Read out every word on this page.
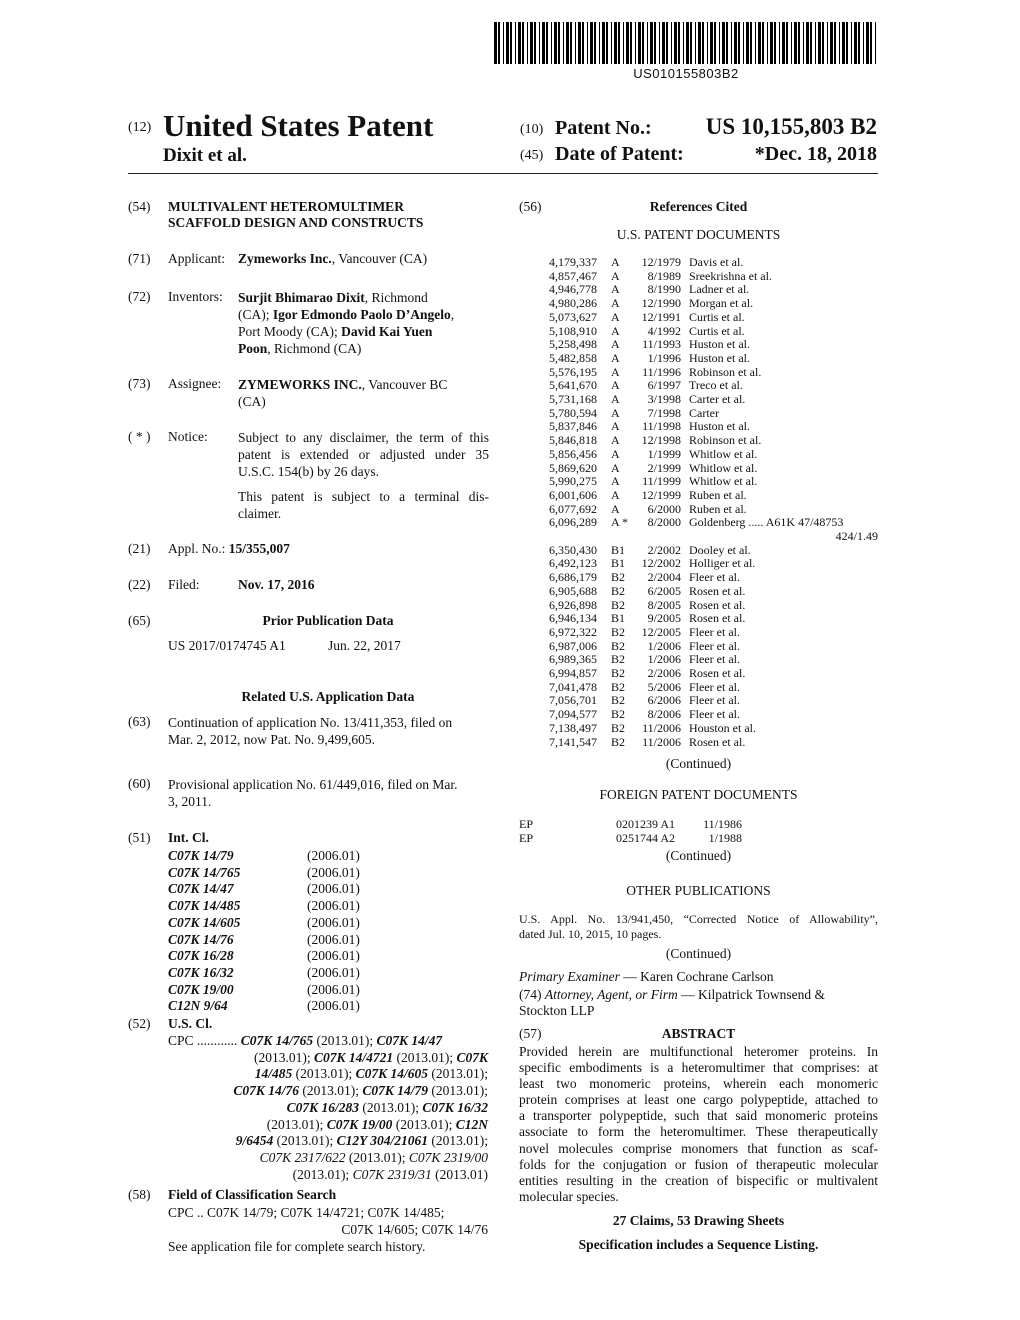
US010155803B2
(12) United States Patent
Dixit et al.
(10) Patent No.: US 10,155,803 B2
(45) Date of Patent:	*Dec. 18, 2018
(54) MULTIVALENT HETEROMULTIMER
SCAFFOLD DESIGN AND CONSTRUCTS
(71) Applicant: Zymeworks Inc., Vancouver (CA)
(72) Inventors: Surjit Bhimarao Dixit, Richmond
(CA); Igor Edmondo Paolo D’Angelo,
Port Moody (CA); David Kai Yuen
Poon, Richmond (CA)
(73) Assignee: ZYMEWORKS INC., Vancouver BC
(CA)
( * ) Notice: Subject to any disclaimer, the term of this
patent is extended or adjusted under 35
U.S.C. 154(b) by 26 days.
This patent is subject to a terminal dis-
claimer.
(21) Appl. No.: 15/355,007
(22) Filed:	Nov. 17, 2016
(65)	Prior Publication Data
US 2017/0174745 A1	Jun. 22, 2017
Related U.S. Application Data
(63) Continuation of application No. 13/411,353, filed on
Mar. 2, 2012, now Pat. No. 9,499,605.
(60) Provisional application No. 61/449,016, filed on Mar.
3, 2011.
(51) Int. Cl.
C07K 14/79	(2006.01)
C07K 14/765	(2006.01)
C07K 14/47	(2006.01)
C07K 14/485	(2006.01)
C07K 14/605	(2006.01)
C07K 14/76	(2006.01)
C07K 16/28	(2006.01)
C07K 16/32	(2006.01)
C07K 19/00	(2006.01)
C12N 9/64	(2006.01)
(52) U.S. Cl.
CPC ............ C07K 14/765 (2013.01); C07K 14/47
(2013.01); C07K 14/4721 (2013.01); C07K
14/485 (2013.01); C07K 14/605 (2013.01);
C07K 14/76 (2013.01); C07K 14/79 (2013.01);
C07K 16/283 (2013.01); C07K 16/32
(2013.01); C07K 19/00 (2013.01); C12N
9/6454 (2013.01); C12Y 304/21061 (2013.01);
C07K 2317/622 (2013.01); C07K 2319/00
(2013.01); C07K 2319/31 (2013.01)
(58) Field of Classification Search
CPC .. C07K 14/79; C07K 14/4721; C07K 14/485;
C07K 14/605; C07K 14/76
See application file for complete search history.
(56)	References Cited
U.S. PATENT DOCUMENTS
4,179,337 A 12/1979 Davis et al.
4,857,467 A 8/1989 Sreekrishna et al.
4,946,778 A 8/1990 Ladner et al.
4,980,286 A 12/1990 Morgan et al.
5,073,627 A 12/1991 Curtis et al.
5,108,910 A 4/1992 Curtis et al.
5,258,498 A 11/1993 Huston et al.
5,482,858 A 1/1996 Huston et al.
5,576,195 A 11/1996 Robinson et al.
5,641,670 A 6/1997 Treco et al.
5,731,168 A 3/1998 Carter et al.
5,780,594 A 7/1998 Carter
5,837,846 A 11/1998 Huston et al.
5,846,818 A 12/1998 Robinson et al.
5,856,456 A 1/1999 Whitlow et al.
5,869,620 A 2/1999 Whitlow et al.
5,990,275 A 11/1999 Whitlow et al.
6,001,606 A 12/1999 Ruben et al.
6,077,692 A 6/2000 Ruben et al.
6,096,289 A * 8/2000 Goldenberg ..... A61K 47/48753
424/1.49
6,350,430 B1 2/2002 Dooley et al.
6,492,123 B1 12/2002 Holliger et al.
6,686,179 B2 2/2004 Fleer et al.
6,905,688 B2 6/2005 Rosen et al.
6,926,898 B2 8/2005 Rosen et al.
6,946,134 B1 9/2005 Rosen et al.
6,972,322 B2 12/2005 Fleer et al.
6,987,006 B2 1/2006 Fleer et al.
6,989,365 B2 1/2006 Fleer et al.
6,994,857 B2 2/2006 Rosen et al.
7,041,478 B2 5/2006 Fleer et al.
7,056,701 B2 6/2006 Fleer et al.
7,094,577 B2 8/2006 Fleer et al.
7,138,497 B2 11/2006 Houston et al.
7,141,547 B2 11/2006 Rosen et al.
(Continued)
FOREIGN PATENT DOCUMENTS
EP	0201239 A1 11/1986
EP	0251744 A2	1/1988
(Continued)
OTHER PUBLICATIONS
U.S. Appl. No. 13/941,450, “Corrected Notice of Allowability”,
dated Jul. 10, 2015, 10 pages.
(Continued)
Primary Examiner — Karen Cochrane Carlson
(74) Attorney, Agent, or Firm — Kilpatrick Townsend &
Stockton LLP
(57)	ABSTRACT
Provided herein are multifunctional heteromer proteins. In
specific embodiments is a heteromultimer that comprises: at
least two monomeric proteins, wherein each monomeric
protein comprises at least one cargo polypeptide, attached to
a transporter polypeptide, such that said monomeric proteins
associate to form the heteromultimer. These therapeutically
novel molecules comprise monomers that function as scaf-
folds for the conjugation or fusion of therapeutic molecular
entities resulting in the creation of bispecific or multivalent
molecular species.
27 Claims, 53 Drawing Sheets
Specification includes a Sequence Listing.
